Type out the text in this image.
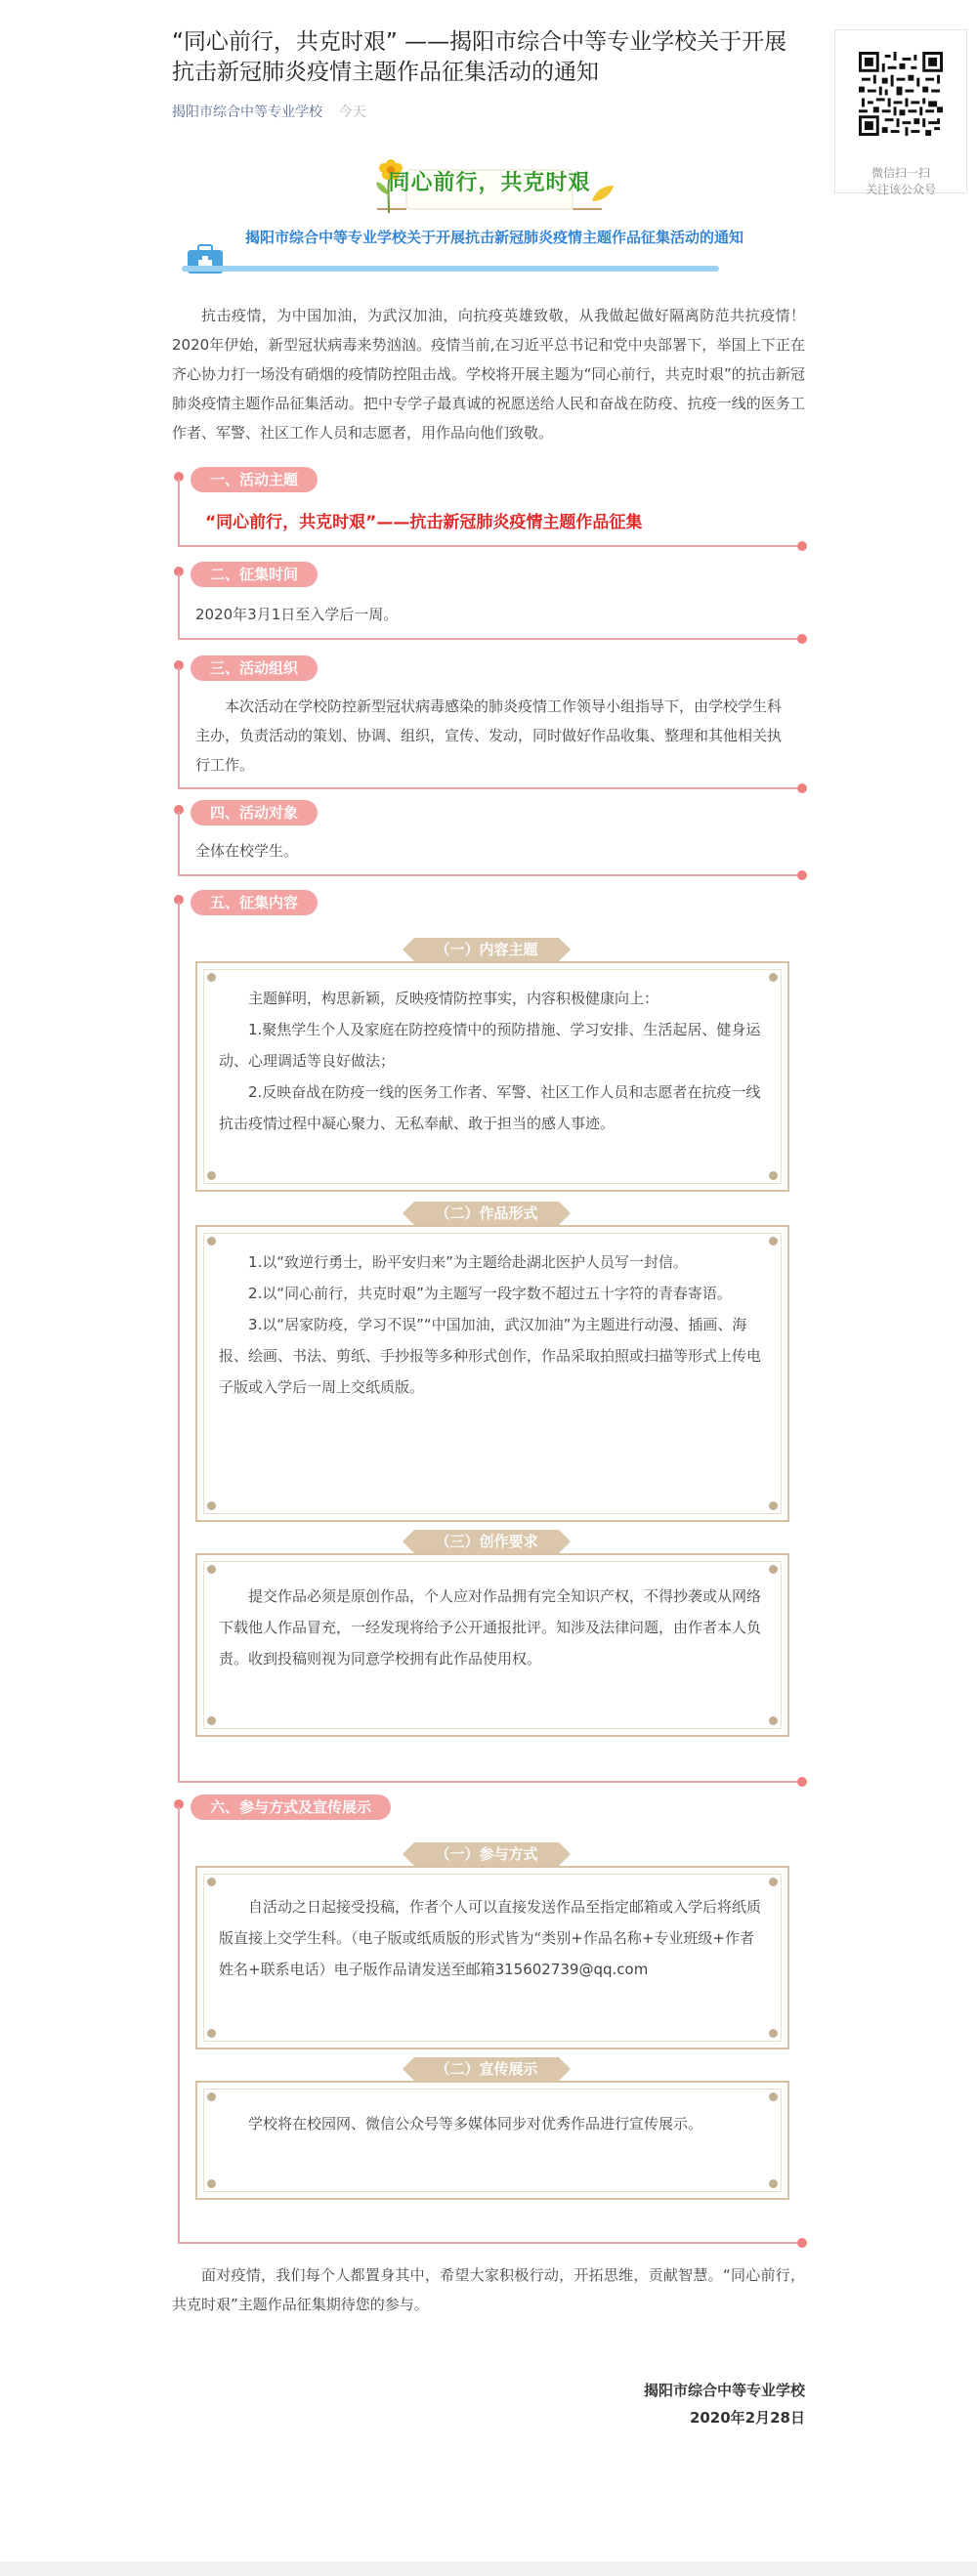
“同心前行，共克时艰” ——揭阳市综合中等专业学校关于开展抗击新冠肺炎疫情主题作品征集活动的通知
揭阳市综合中等专业学校 今天
微信扫一扫
关注该公众号
同心前行，共克时艰
揭阳市综合中等专业学校关于开展抗击新冠肺炎疫情主题作品征集活动的通知

抗击疫情，为中国加油，为武汉加油，向抗疫英雄致敬，从我做起做好隔离防范共抗疫情！2020年伊始，新型冠状病毒来势汹汹。疫情当前,在习近平总书记和党中央部署下，举国上下正在齐心协力打一场没有硝烟的疫情防控阻击战。学校将开展主题为“同心前行，共克时艰”的抗击新冠肺炎疫情主题作品征集活动。把中专学子最真诚的祝愿送给人民和奋战在防疫、抗疫一线的医务工作者、军警、社区工作人员和志愿者，用作品向他们致敬。

一、活动主题
“同心前行，共克时艰”——抗击新冠肺炎疫情主题作品征集
二、征集时间

2020年3月1日至入学后一周。

三、活动组织

本次活动在学校防控新型冠状病毒感染的肺炎疫情工作领导小组指导下，由学校学生科主办，负责活动的策划、协调、组织，宣传、发动，同时做好作品收集、整理和其他相关执行工作。

四、活动对象

全体在校学生。

五、征集内容
（一）内容主题

主题鲜明，构思新颖，反映疫情防控事实，内容积极健康向上：

1.聚焦学生个人及家庭在防控疫情中的预防措施、学习安排、生活起居、健身运动、心理调适等良好做法；

2.反映奋战在防疫一线的医务工作者、军警、社区工作人员和志愿者在抗疫一线抗击疫情过程中凝心聚力、无私奉献、敢于担当的感人事迹。

（二）作品形式

1.以“致逆行勇士，盼平安归来”为主题给赴湖北医护人员写一封信。

2.以“同心前行，共克时艰”为主题写一段字数不超过五十字符的青春寄语。

3.以“居家防疫，学习不误”“中国加油，武汉加油”为主题进行动漫、插画、海报、绘画、书法、剪纸、手抄报等多种形式创作，作品采取拍照或扫描等形式上传电子版或入学后一周上交纸质版。

（三）创作要求

提交作品必须是原创作品，个人应对作品拥有完全知识产权，不得抄袭或从网络下载他人作品冒充，一经发现将给予公开通报批评。知涉及法律问题，由作者本人负责。收到投稿则视为同意学校拥有此作品使用权。

六、参与方式及宣传展示
（一）参与方式

自活动之日起接受投稿，作者个人可以直接发送作品至指定邮箱或入学后将纸质版直接上交学生科。（电子版或纸质版的形式皆为“类别+作品名称+专业班级+作者姓名+联系电话）电子版作品请发送至邮箱315602739@qq.com

（二）宣传展示

学校将在校园网、微信公众号等多媒体同步对优秀作品进行宣传展示。

面对疫情，我们每个人都置身其中，希望大家积极行动，开拓思维，贡献智慧。“同心前行，共克时艰”主题作品征集期待您的参与。

揭阳市综合中等专业学校
2020年2月28日
